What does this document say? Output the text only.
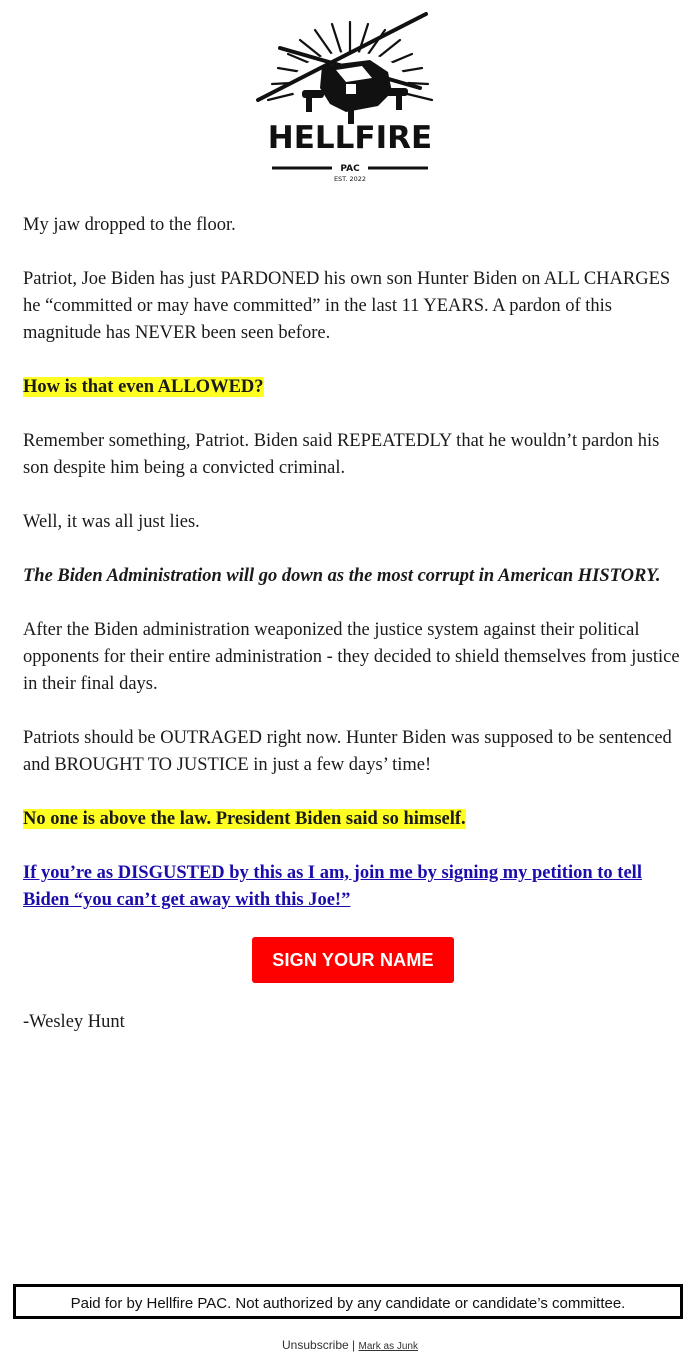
HELLFIRE
PAC
EST. 2022

My jaw dropped to the floor.

Patriot, Joe Biden has just PARDONED his own son Hunter Biden on ALL CHARGES he “committed or may have committed” in the last 11 YEARS. A pardon of this magnitude has NEVER been seen before.

How is that even ALLOWED?

Remember something, Patriot. Biden said REPEATEDLY that he wouldn’t pardon his son despite him being a convicted criminal.

Well, it was all just lies.

The Biden Administration will go down as the most corrupt in American HISTORY.

After the Biden administration weaponized the justice system against their political opponents for their entire administration - they decided to shield themselves from justice in their final days.

Patriots should be OUTRAGED right now. Hunter Biden was supposed to be sentenced and BROUGHT TO JUSTICE in just a few days’ time!

No one is above the law. President Biden said so himself.

If you’re as DISGUSTED by this as I am, join me by signing my petition to tell Biden “you can’t get away with this Joe!”

SIGN YOUR NAME

-Wesley Hunt

Paid for by Hellfire PAC. Not authorized by any candidate or candidate’s committee.
Unsubscribe | Mark as Junk
